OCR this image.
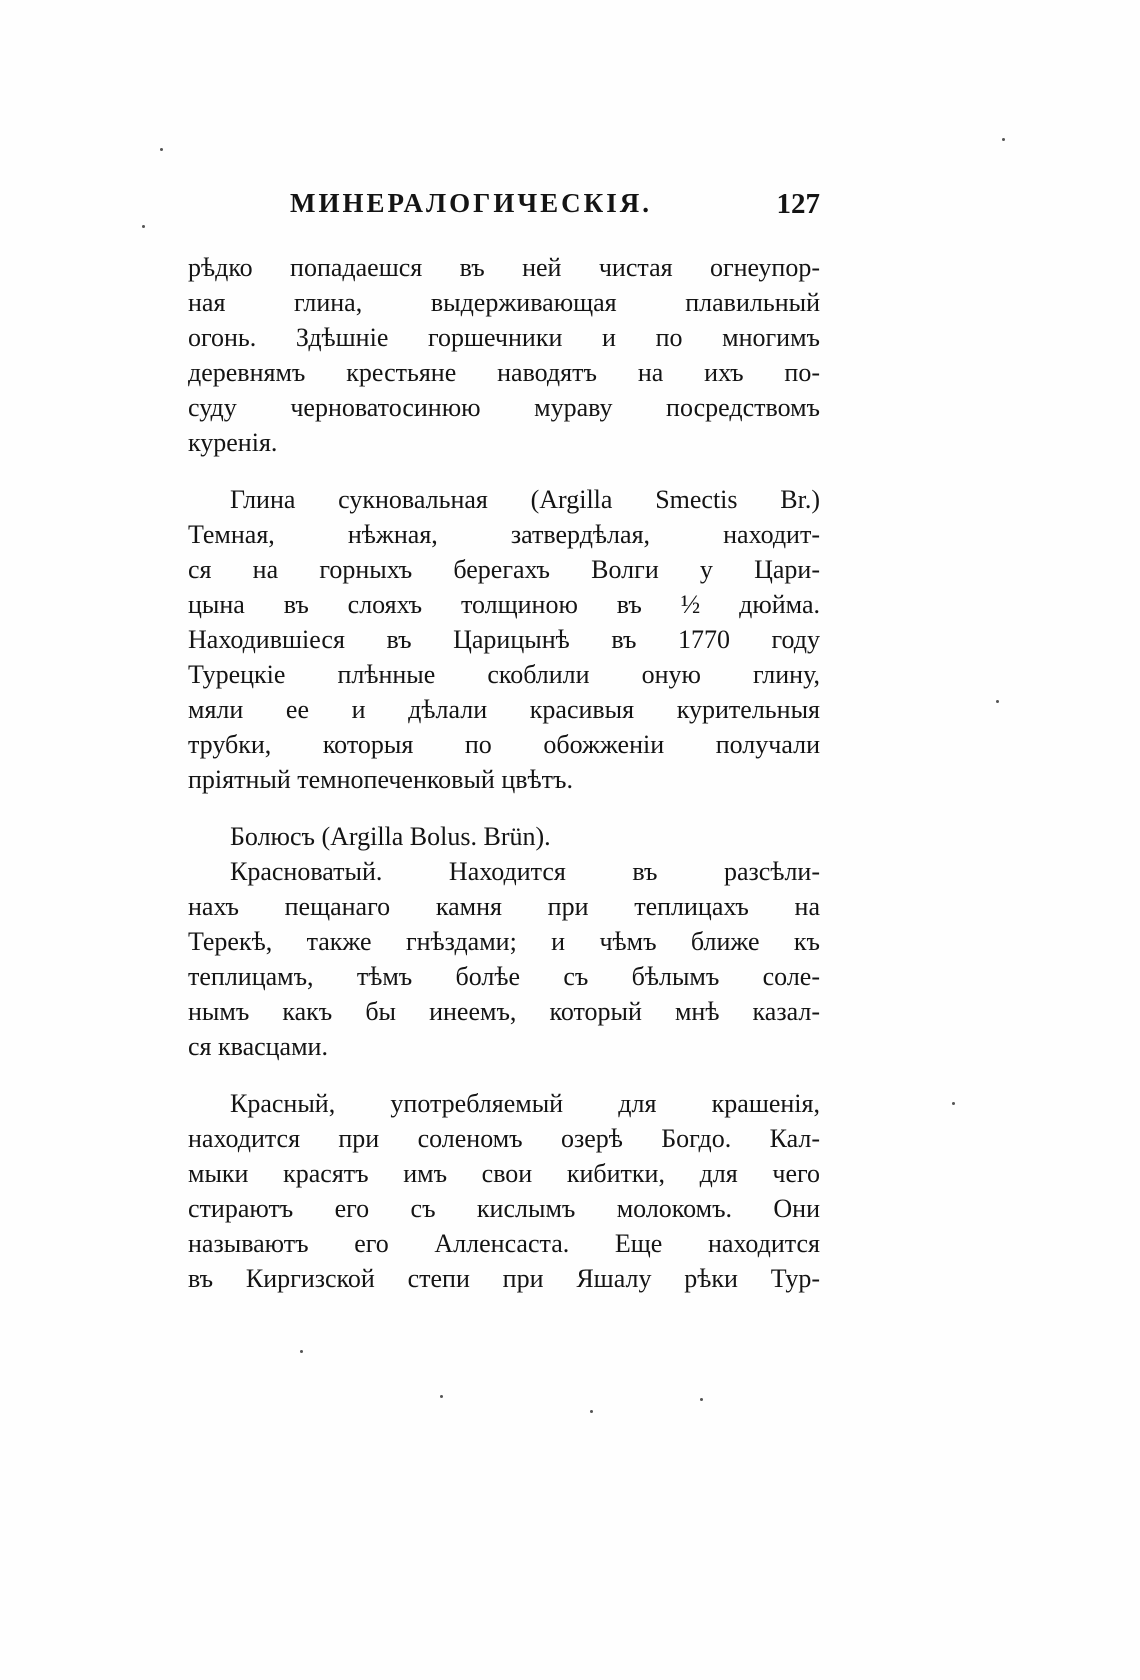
МИНЕРАЛОГИЧЕСКІЯ.	127
рѣдко попадаешся въ ней чистая огнеупор-
ная глина, выдерживающая плавильный
огонь. Здѣшніе горшечники и по многимъ
деревнямъ крестьяне наводятъ на ихъ по-
суду черноватосинюю мураву посредствомъ
куренія.
Глина сукновальная (Argilla Smectis Br.)
Темная, нѣжная, затвердѣлая, находит-
ся на горныхъ берегахъ Волги у Цари-
цына въ слояхъ толщиною въ ½ дюйма.
Находившіеся въ Царицынѣ въ 1770 году
Турецкіе плѣнные скоблили оную глину,
мяли ее и дѣлали красивыя курительныя
трубки, которыя по обожженіи получали
пріятный темнопеченковый цвѣтъ.
Болюсъ (Argilla Bolus. Brün).
Красноватый. Находится въ разсѣли-
нахъ пещанаго камня при теплицахъ на
Терекѣ, также гнѣздами; и чѣмъ ближе къ
теплицамъ, тѣмъ болѣе съ бѣлымъ соле-
нымъ какъ бы инеемъ, который мнѣ казал-
ся квасцами.
Красный, употребляемый для крашенія,
находится при соленомъ озерѣ Богдо. Кал-
мыки красятъ имъ свои кибитки, для чего
стираютъ его съ кислымъ молокомъ. Они
называютъ его Алленсаста. Еще находится
въ Киргизской степи при Яшалу рѣки Тур-
